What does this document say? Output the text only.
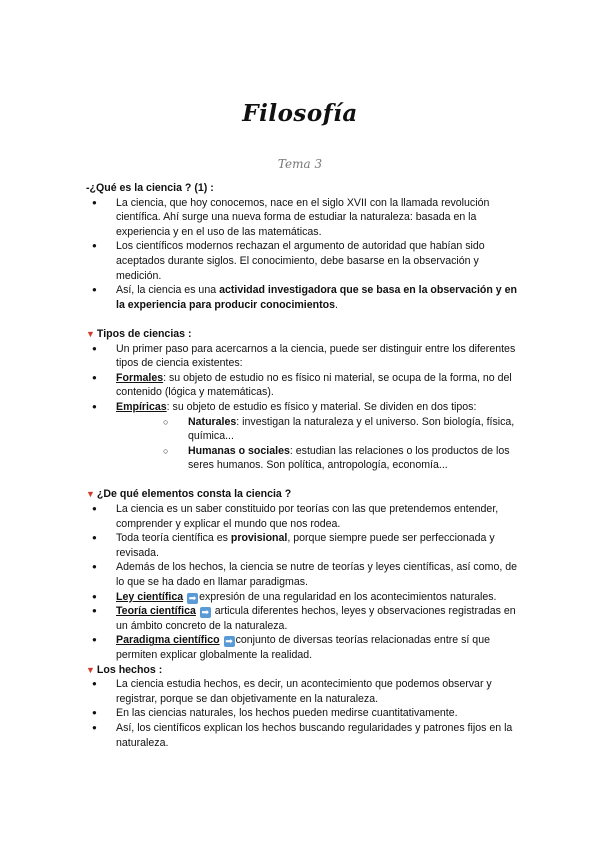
Filosofía
Tema 3
-¿Qué es la ciencia ? (1) :
● La ciencia, que hoy conocemos, nace en el siglo XVII con la llamada revolución científica. Ahí surge una nueva forma de estudiar la naturaleza: basada en la experiencia y en el uso de las matemáticas.
● Los científicos modernos rechazan el argumento de autoridad que habían sido aceptados durante siglos. El conocimiento, debe basarse en la observación y medición.
● Así, la ciencia es una actividad investigadora que se basa en la observación y en la experiencia para producir conocimientos.
▼ Tipos de ciencias :
● Un primer paso para acercarnos a la ciencia, puede ser distinguir entre los diferentes tipos de ciencia existentes:
● Formales: su objeto de estudio no es físico ni material, se ocupa de la forma, no del contenido (lógica y matemáticas).
● Empíricas: su objeto de estudio es físico y material. Se dividen en dos tipos:
○ Naturales: investigan la naturaleza y el universo. Son biología, física, química...
○ Humanas o sociales: estudian las relaciones o los productos de los seres humanos. Son política, antropología, economía...
▼ ¿De qué elementos consta la ciencia ?
● La ciencia es un saber constituido por teorías con las que pretendemos entender, comprender y explicar el mundo que nos rodea.
● Toda teoría científica es provisional, porque siempre puede ser perfeccionada y revisada.
● Además de los hechos, la ciencia se nutre de teorías y leyes científicas, así como, de lo que se ha dado en llamar paradigmas.
● Ley científica ➡ expresión de una regularidad en los acontecimientos naturales.
● Teoría científica ➡ articula diferentes hechos, leyes y observaciones registradas en un ámbito concreto de la naturaleza.
● Paradigma científico ➡ conjunto de diversas teorías relacionadas entre sí que permiten explicar globalmente la realidad.
▼ Los hechos :
● La ciencia estudia hechos, es decir, un acontecimiento que podemos observar y registrar, porque se dan objetivamente en la naturaleza.
● En las ciencias naturales, los hechos pueden medirse cuantitativamente.
● Así, los científicos explican los hechos buscando regularidades y patrones fijos en la naturaleza.
